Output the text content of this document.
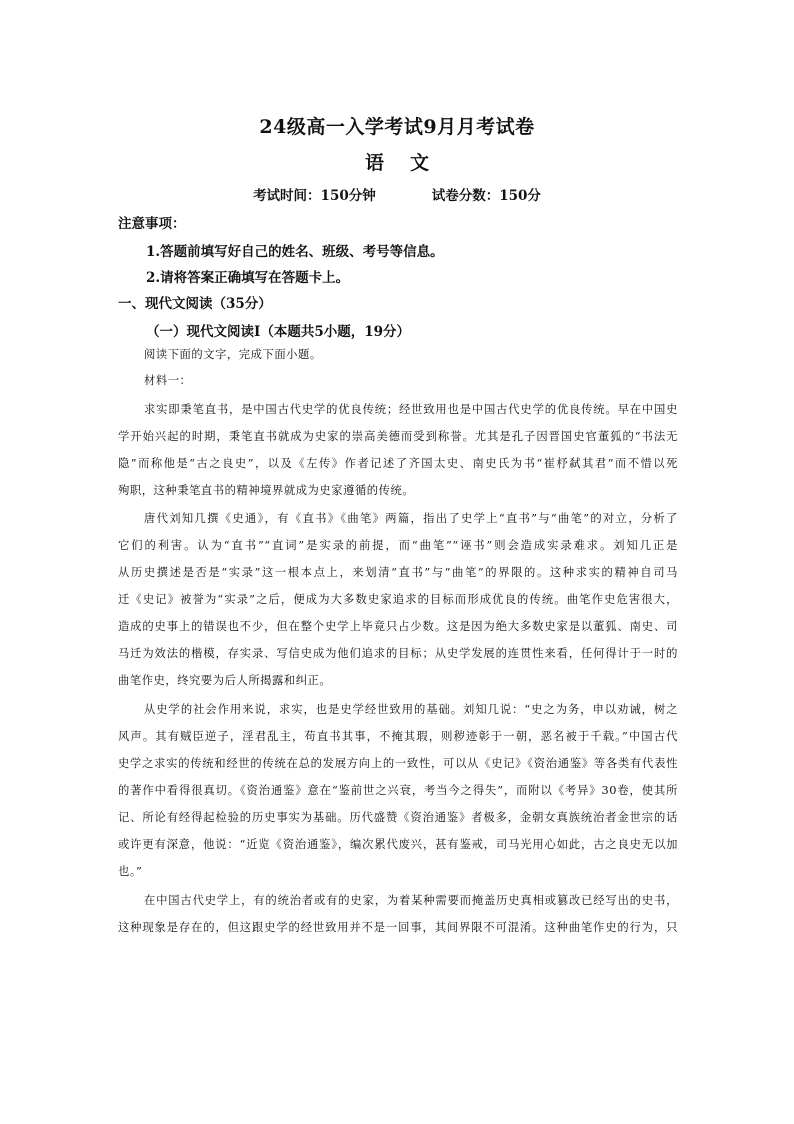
24级高一入学考试9月月考试卷
语 文
考试时间：150分钟	试卷分数：150分
注意事项：
1.答题前填写好自己的姓名、班级、考号等信息。
2.请将答案正确填写在答题卡上。
一、现代文阅读（35分）
（一）现代文阅读Ⅰ（本题共5小题，19分）
阅读下面的文字，完成下面小题。
材料一：
求实即秉笔直书，是中国古代史学的优良传统；经世致用也是中国古代史学的优良传统。早在中国史
学开始兴起的时期，秉笔直书就成为史家的崇高美德而受到称誉。尤其是孔子因晋国史官董狐的“书法无
隐”而称他是“古之良史”，以及《左传》作者记述了齐国太史、南史氏为书“崔杼弑其君”而不惜以死
殉职，这种秉笔直书的精神境界就成为史家遵循的传统。
唐代刘知几撰《史通》，有《直书》《曲笔》两篇，指出了史学上“直书”与“曲笔”的对立，分析了
它们的利害。认为“直书”“直词”是实录的前提，而“曲笔”“诬书”则会造成实录难求。刘知几正是
从历史撰述是否是“实录”这一根本点上，来划清“直书”与“曲笔”的界限的。这种求实的精神自司马
迁《史记》被誉为“实录”之后，便成为大多数史家追求的目标而形成优良的传统。曲笔作史危害很大，
造成的史事上的错误也不少，但在整个史学上毕竟只占少数。这是因为绝大多数史家是以董狐、南史、司
马迁为效法的楷模，存实录、写信史成为他们追求的目标；从史学发展的连贯性来看，任何得计于一时的
曲笔作史，终究要为后人所揭露和纠正。
从史学的社会作用来说，求实，也是史学经世致用的基础。刘知几说：“史之为务，申以劝诫，树之
风声。其有贼臣逆子，淫君乱主，苟直书其事，不掩其瑕，则秽迹彰于一朝，恶名被于千载。”中国古代
史学之求实的传统和经世的传统在总的发展方向上的一致性，可以从《史记》《资治通鉴》等各类有代表性
的著作中看得很真切。《资治通鉴》意在“鉴前世之兴衰，考当今之得失”，而附以《考异》30卷，使其所
记、所论有经得起检验的历史事实为基础。历代盛赞《资治通鉴》者极多，金朝女真族统治者金世宗的话
或许更有深意，他说：“近览《资治通鉴》，编次累代废兴，甚有鉴戒，司马光用心如此，古之良史无以加
也。”
在中国古代史学上，有的统治者或有的史家，为着某种需要而掩盖历史真相或篡改已经写出的史书，
这种现象是存在的，但这跟史学的经世致用并不是一回事，其间界限不可混淆。这种曲笔作史的行为，只
